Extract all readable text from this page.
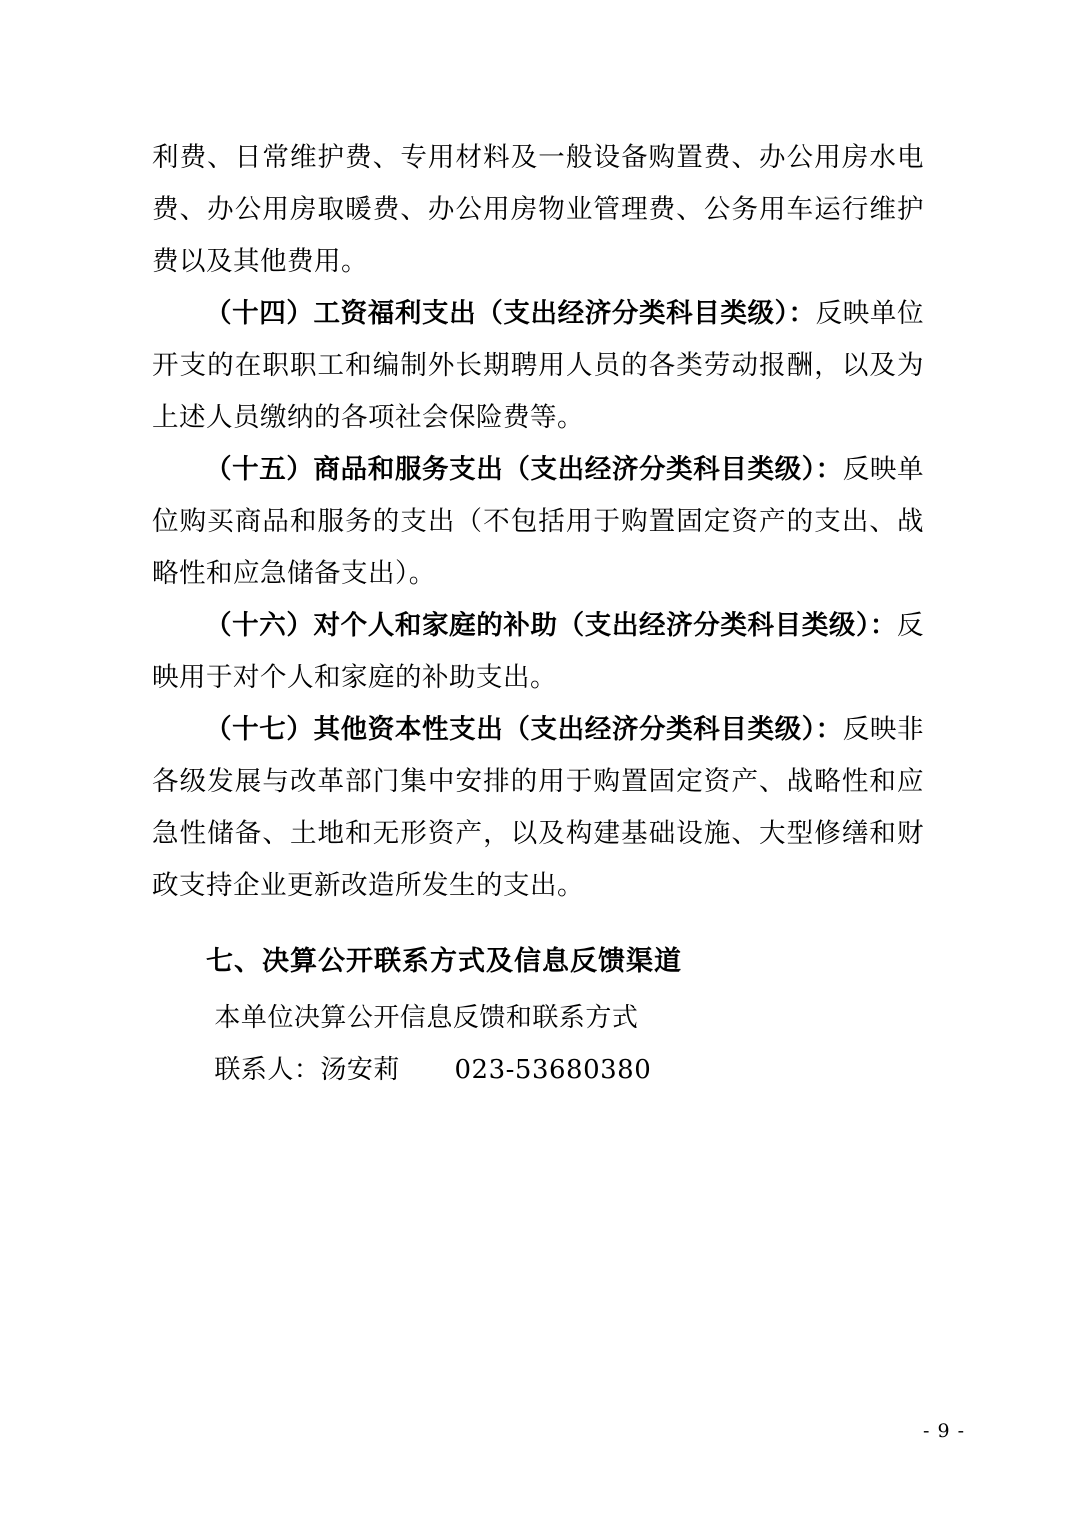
利费、日常维护费、专用材料及一般设备购置费、办公用房水电费、办公用房取暖费、办公用房物业管理费、公务用车运行维护费以及其他费用。

（十四）工资福利支出（支出经济分类科目类级）：反映单位开支的在职职工和编制外长期聘用人员的各类劳动报酬，以及为上述人员缴纳的各项社会保险费等。

（十五）商品和服务支出（支出经济分类科目类级）：反映单位购买商品和服务的支出（不包括用于购置固定资产的支出、战略性和应急储备支出）。

（十六）对个人和家庭的补助（支出经济分类科目类级）：反映用于对个人和家庭的补助支出。

（十七）其他资本性支出（支出经济分类科目类级）：反映非各级发展与改革部门集中安排的用于购置固定资产、战略性和应急性储备、土地和无形资产，以及构建基础设施、大型修缮和财政支持企业更新改造所发生的支出。

七、决算公开联系方式及信息反馈渠道

本单位决算公开信息反馈和联系方式

联系人：汤安莉 023-53680380

- 9 -
